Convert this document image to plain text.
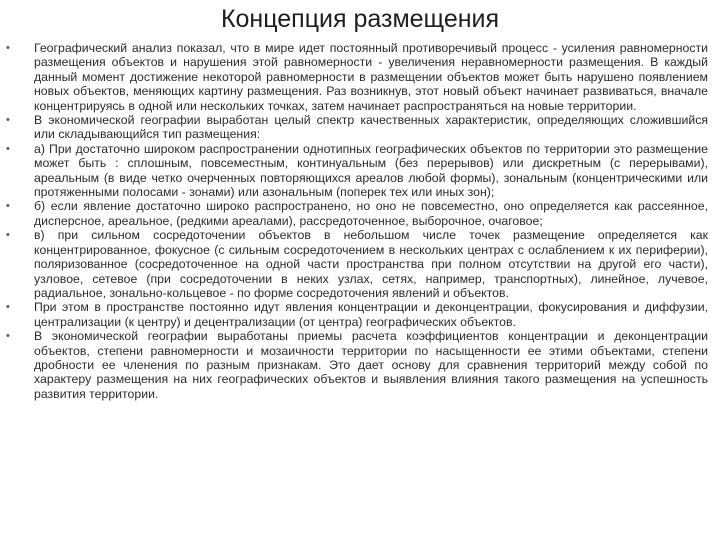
Концепция размещения
• Географический анализ показал, что в мире идет постоянный противоречивый процесс - усиления равномерности размещения объектов и нарушения этой равномерности - увеличения неравномерности размещения. В каждый данный момент достижение некоторой равномерности в размещении объектов может быть нарушено появлением новых объектов, меняющих картину размещения. Раз возникнув, этот новый объект начинает развиваться, вначале концентрируясь в одной или нескольких точках, затем начинает распространяться на новые территории.
• В экономической географии выработан целый спектр качественных характеристик, определяющих сложившийся или складывающийся тип размещения:
• а) При достаточно широком распространении однотипных географических объектов по территории это размещение может быть : сплошным, повсеместным, континуальным (без перерывов) или дискретным (с перерывами), ареальным (в виде четко очерченных повторяющихся ареалов любой формы), зональным (концентрическими или протяженными полосами - зонами) или азональным (поперек тех или иных зон);
• б) если явление достаточно широко распространено, но оно не повсеместно, оно определяется как рассеянное, дисперсное, ареальное, (редкими ареалами), рассредоточенное, выборочное, очаговое;
• в) при сильном сосредоточении объектов в небольшом числе точек размещение определяется как концентрированное, фокусное (с сильным сосредоточением в нескольких центрах с ослаблением к их периферии), поляризованное (сосредоточенное на одной части пространства при полном отсутствии на другой его части), узловое, сетевое (при сосредоточении в неких узлах, сетях, например, транспортных), линейное, лучевое, радиальное, зонально-кольцевое - по форме сосредоточения явлений и объектов.
• При этом в пространстве постоянно идут явления концентрации и деконцентрации, фокусирования и диффузии, централизации (к центру) и децентрализации (от центра) географических объектов.
• В экономической географии выработаны приемы расчета коэффициентов концентрации и деконцентрации объектов, степени равномерности и мозаичности территории по насыщенности ее этими объектами, степени дробности ее членения по разным признакам. Это дает основу для сравнения территорий между собой по характеру размещения на них географических объектов и выявления влияния такого размещения на успешность развития территории.
